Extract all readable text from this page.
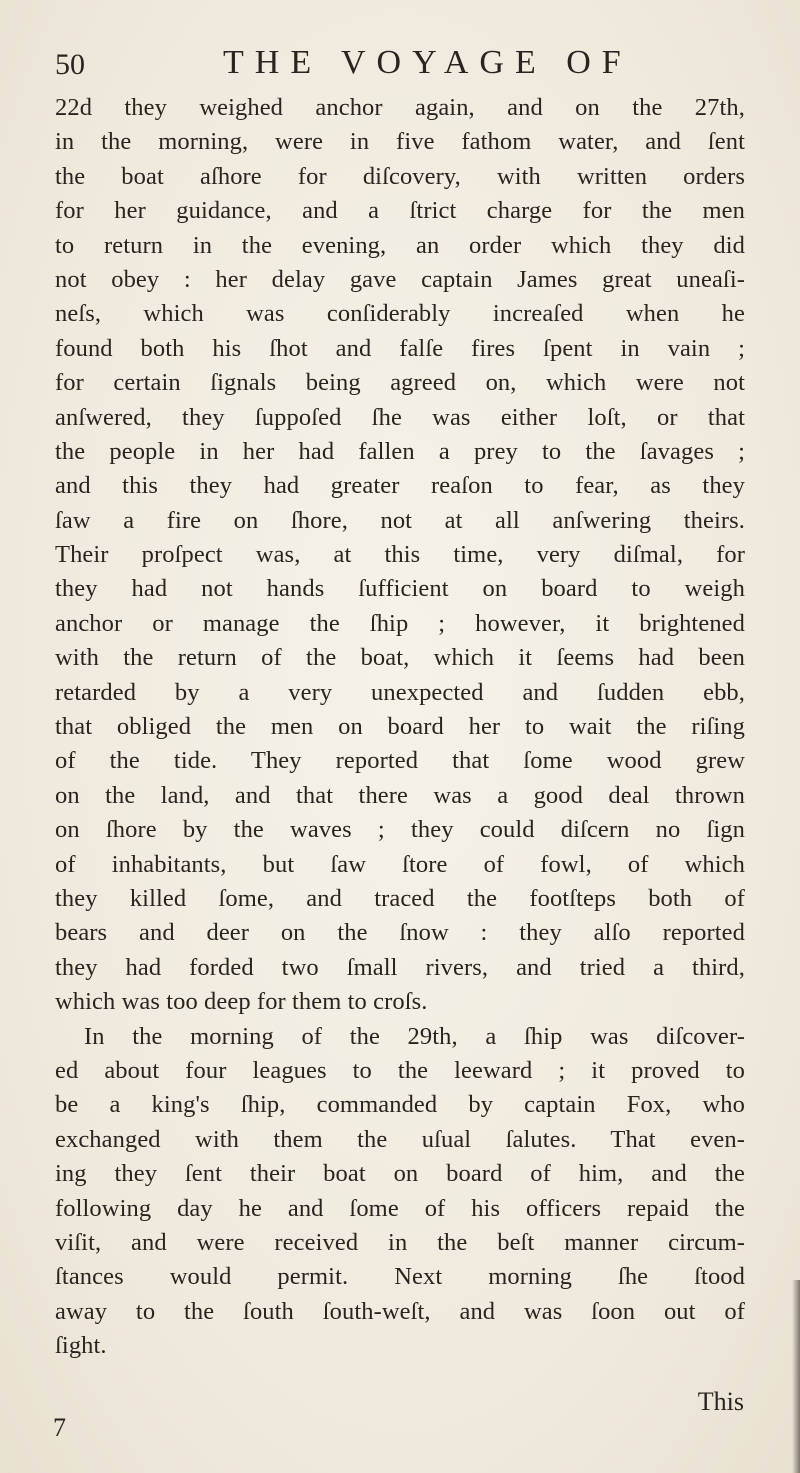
50	THE VOYAGE OF
22d they weighed anchor again, and on the 27th,
in the morning, were in five fathom water, and ſent
the boat aſhore for diſcovery, with written orders
for her guidance, and a ſtrict charge for the men
to return in the evening, an order which they did
not obey : her delay gave captain James great uneaſi-
neſs, which was conſiderably increaſed when he
found both his ſhot and falſe fires ſpent in vain ;
for certain ſignals being agreed on, which were not
anſwered, they ſuppoſed ſhe was either loſt, or that
the people in her had fallen a prey to the ſavages ;
and this they had greater reaſon to fear, as they
ſaw a fire on ſhore, not at all anſwering theirs.
Their proſpect was, at this time, very diſmal, for
they had not hands ſufficient on board to weigh
anchor or manage the ſhip ; however, it brightened
with the return of the boat, which it ſeems had been
retarded by a very unexpected and ſudden ebb,
that obliged the men on board her to wait the riſing
of the tide. They reported that ſome wood grew
on the land, and that there was a good deal thrown
on ſhore by the waves ; they could diſcern no ſign
of inhabitants, but ſaw ſtore of fowl, of which
they killed ſome, and traced the footſteps both of
bears and deer on the ſnow : they alſo reported
they had forded two ſmall rivers, and tried a third,
which was too deep for them to croſs.
In the morning of the 29th, a ſhip was diſcover-
ed about four leagues to the leeward ; it proved to
be a king's ſhip, commanded by captain Fox, who
exchanged with them the uſual ſalutes. That even-
ing they ſent their boat on board of him, and the
following day he and ſome of his officers repaid the
viſit, and were received in the beſt manner circum-
ſtances would permit. Next morning ſhe ſtood
away to the ſouth ſouth-weſt, and was ſoon out of
ſight.
This
7
